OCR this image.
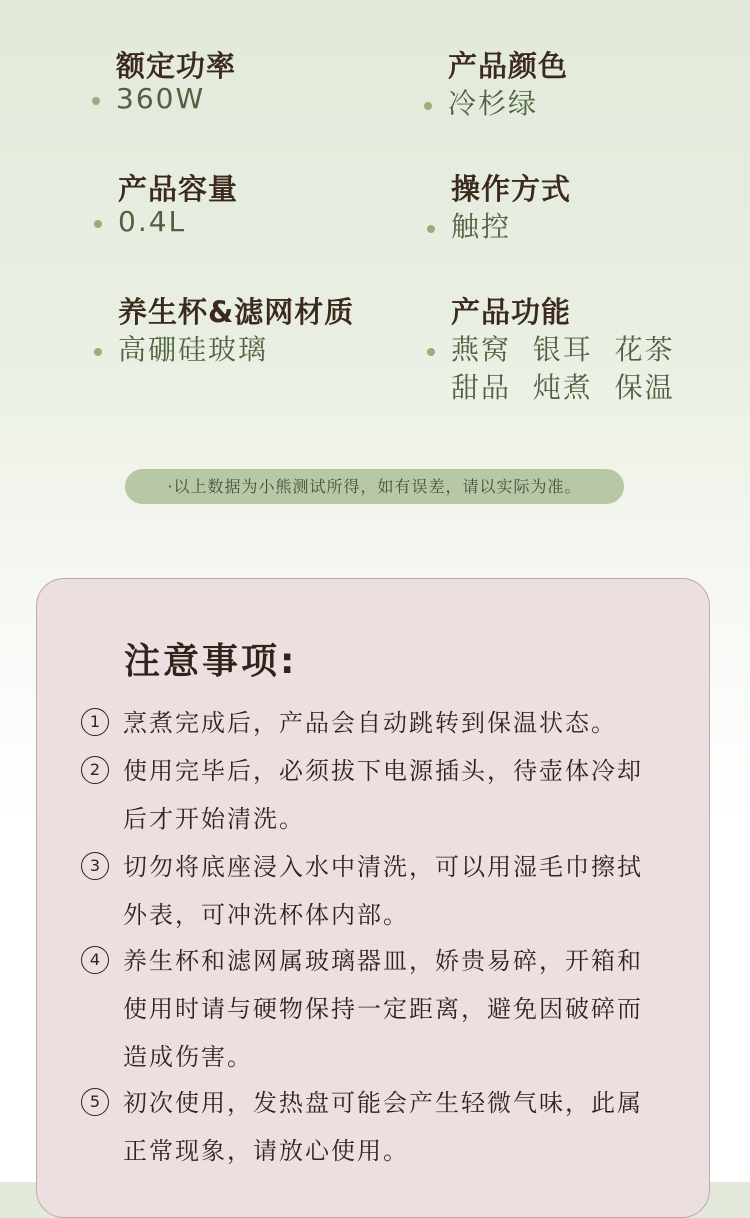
额定功率
360W
产品颜色
冷杉绿
产品容量
0.4L
操作方式
触控
养生杯&滤网材质
高硼硅玻璃
产品功能
燕窝  银耳  花茶
甜品  炖煮  保温
·以上数据为小熊测试所得，如有误差，请以实际为准。
注意事项:
1 烹煮完成后，产品会自动跳转到保温状态。
2 使用完毕后，必须拔下电源插头，待壶体冷却后才开始清洗。
3 切勿将底座浸入水中清洗，可以用湿毛巾擦拭外表，可冲洗杯体内部。
4 养生杯和滤网属玻璃器皿，娇贵易碎，开箱和使用时请与硬物保持一定距离，避免因破碎而造成伤害。
5 初次使用，发热盘可能会产生轻微气味，此属正常现象，请放心使用。
